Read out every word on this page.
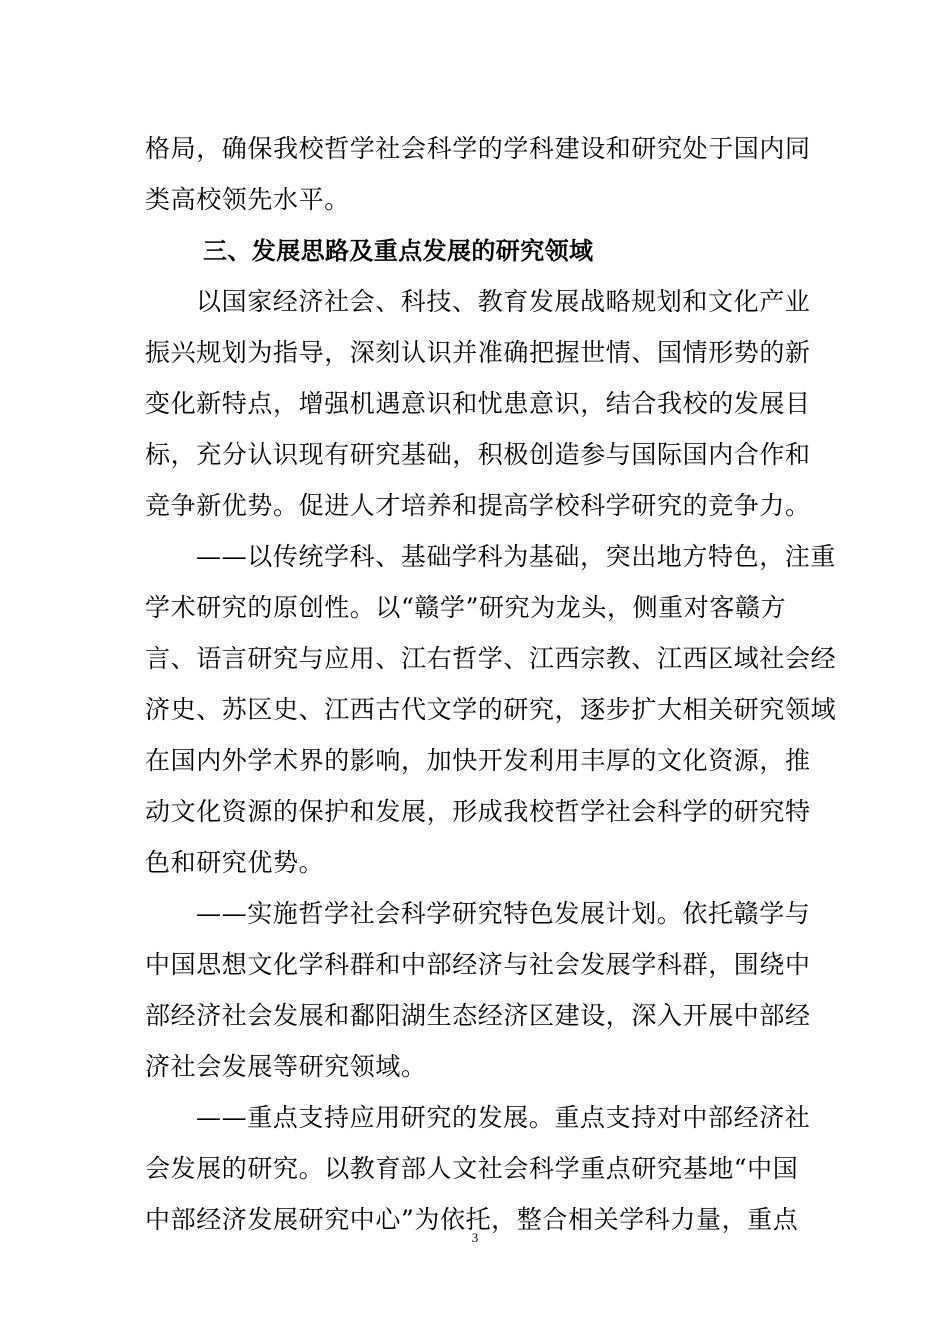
格局，确保我校哲学社会科学的学科建设和研究处于国内同
类高校领先水平。
三、发展思路及重点发展的研究领域
以国家经济社会、科技、教育发展战略规划和文化产业
振兴规划为指导，深刻认识并准确把握世情、国情形势的新
变化新特点，增强机遇意识和忧患意识，结合我校的发展目
标，充分认识现有研究基础，积极创造参与国际国内合作和
竞争新优势。促进人才培养和提高学校科学研究的竞争力。
——以传统学科、基础学科为基础，突出地方特色，注重
学术研究的原创性。以“赣学”研究为龙头，侧重对客赣方
言、语言研究与应用、江右哲学、江西宗教、江西区域社会经
济史、苏区史、江西古代文学的研究，逐步扩大相关研究领域
在国内外学术界的影响，加快开发利用丰厚的文化资源，推
动文化资源的保护和发展，形成我校哲学社会科学的研究特
色和研究优势。
——实施哲学社会科学研究特色发展计划。依托赣学与
中国思想文化学科群和中部经济与社会发展学科群，围绕中
部经济社会发展和鄱阳湖生态经济区建设，深入开展中部经
济社会发展等研究领域。
——重点支持应用研究的发展。重点支持对中部经济社
会发展的研究。以教育部人文社会科学重点研究基地“中国
中部经济发展研究中心”为依托，整合相关学科力量，重点
3
